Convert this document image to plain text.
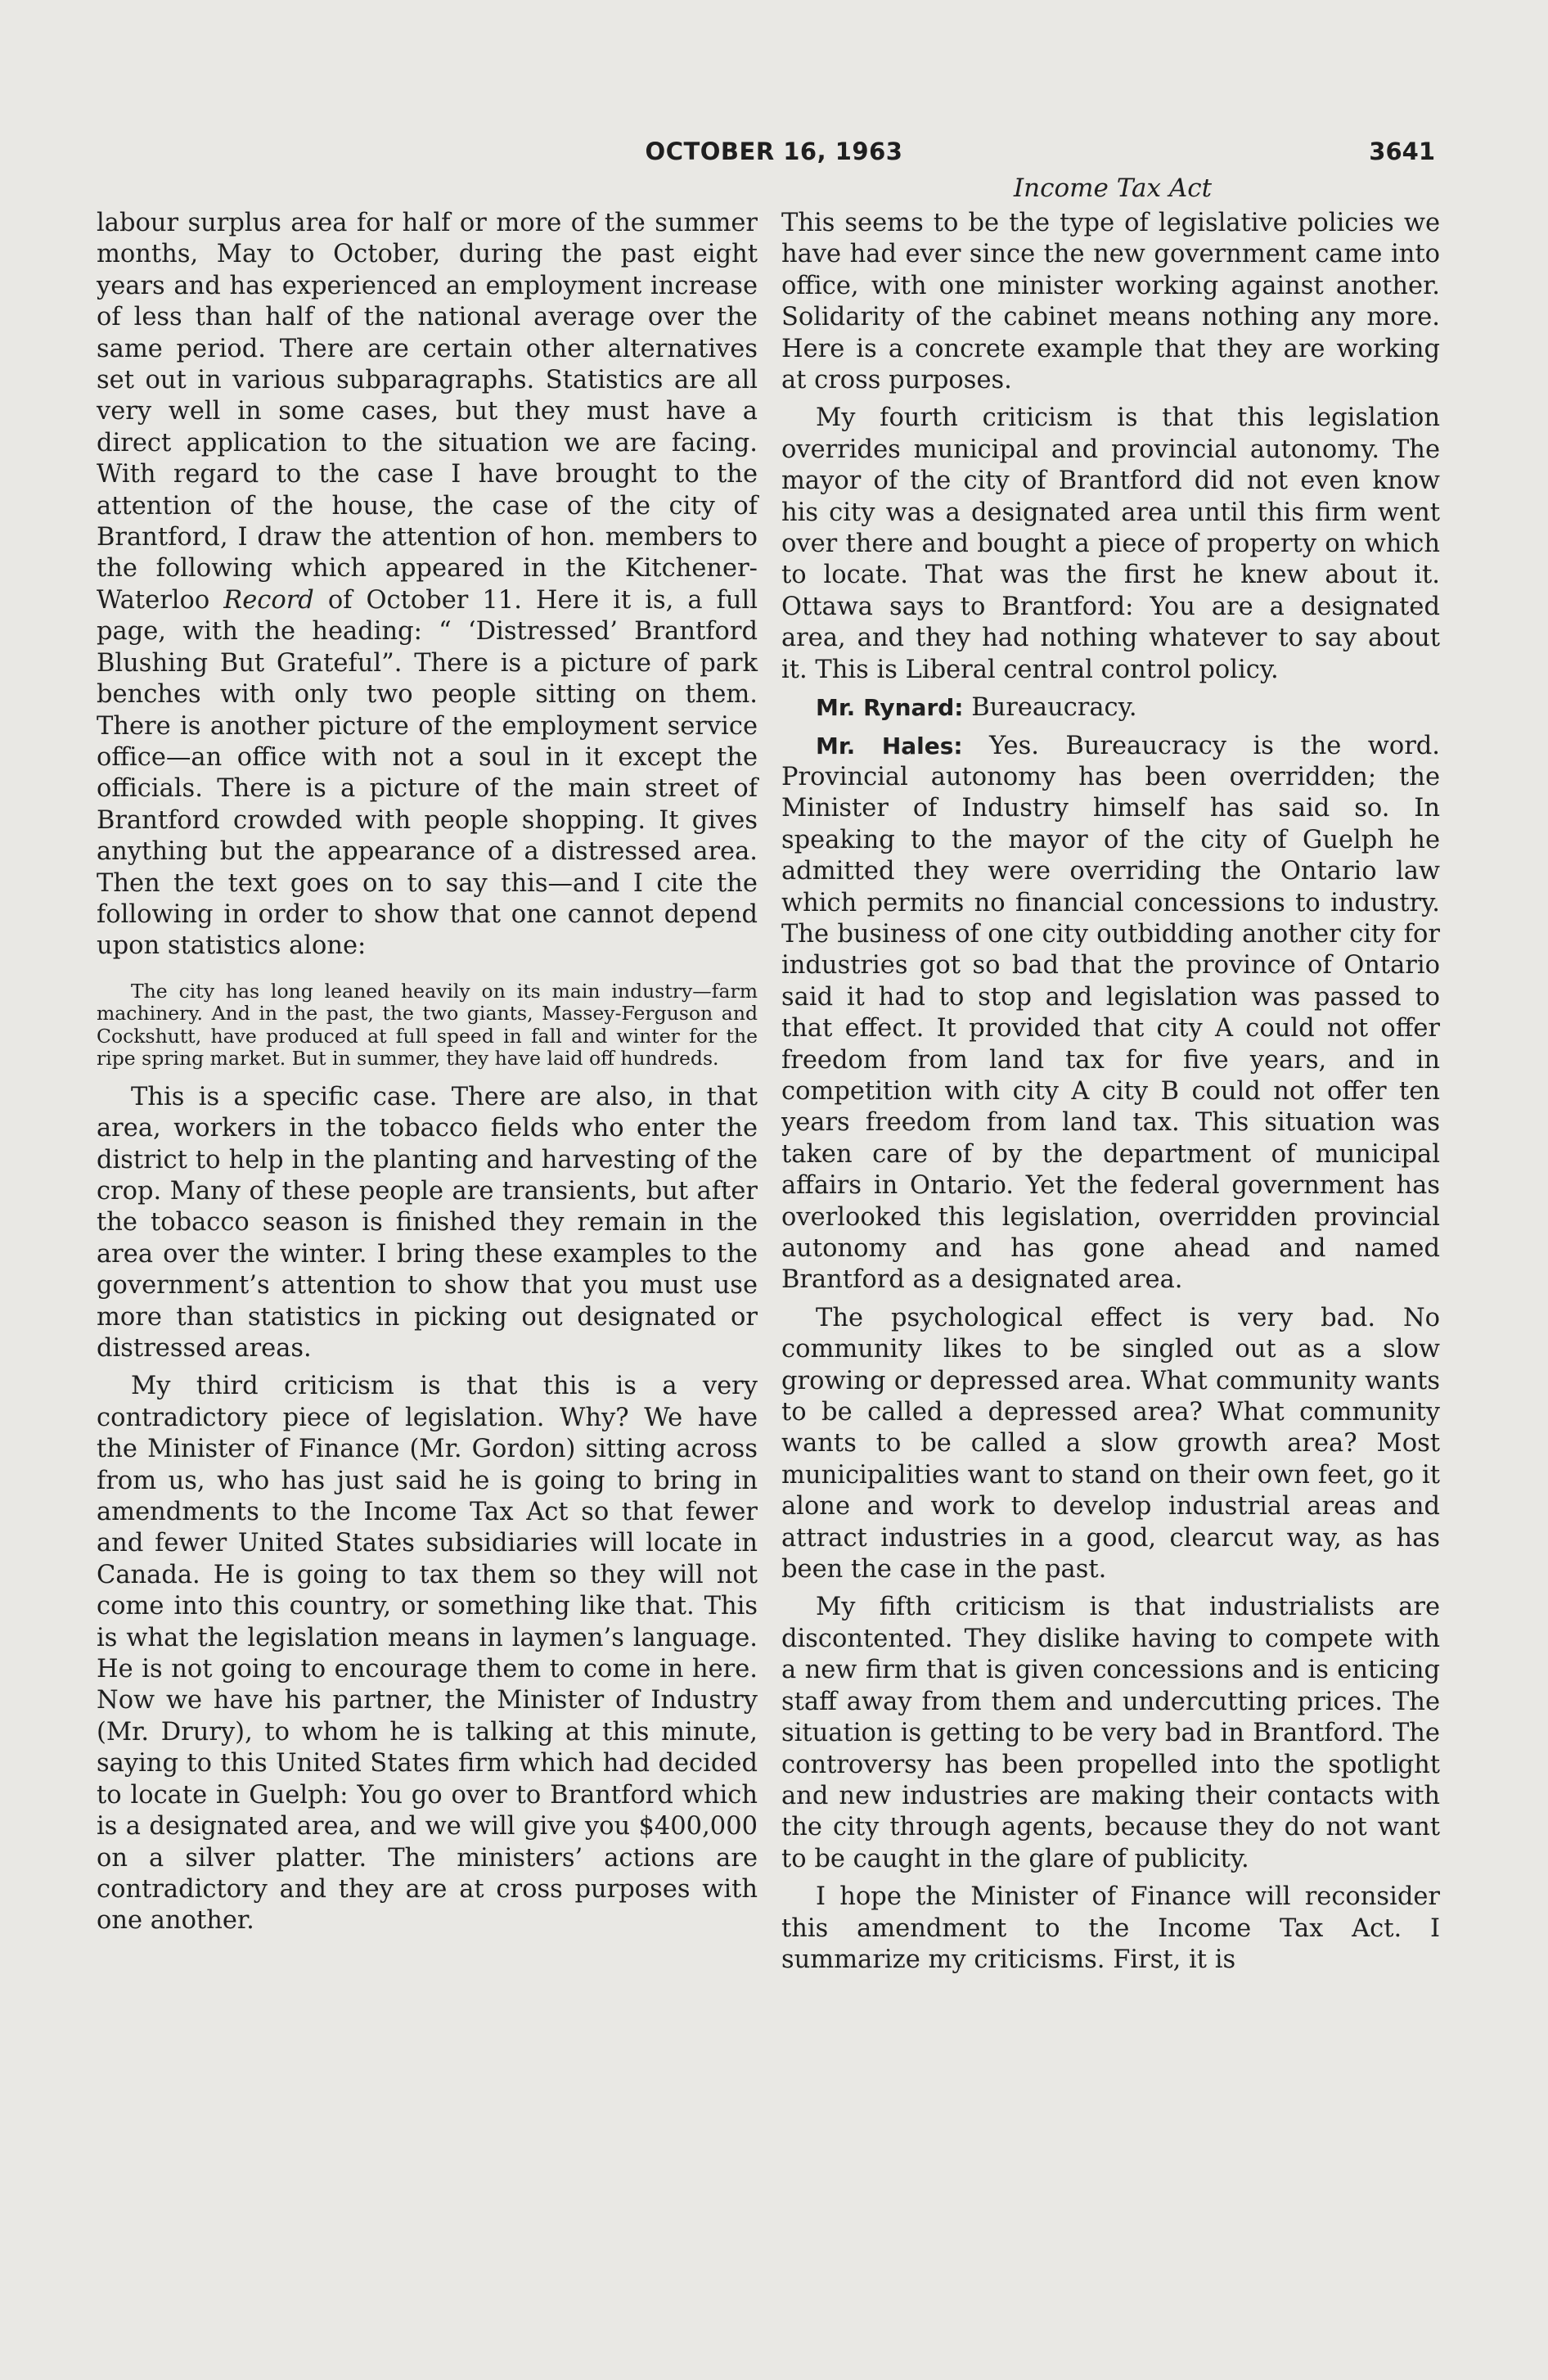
OCTOBER 16, 1963	3641
Income Tax Act

labour surplus area for half or more of the summer months, May to October, during the past eight years and has experienced an employment increase of less than half of the national average over the same period. There are certain other alternatives set out in various subparagraphs. Statistics are all very well in some cases, but they must have a direct application to the situation we are facing. With regard to the case I have brought to the attention of the house, the case of the city of Brantford, I draw the attention of hon. members to the following which appeared in the Kitchener-Waterloo Record of October 11. Here it is, a full page, with the heading: “ ‘Distressed’ Brantford Blushing But Grateful”. There is a picture of park benches with only two people sitting on them. There is another picture of the employment service office—an office with not a soul in it except the officials. There is a picture of the main street of Brantford crowded with people shopping. It gives anything but the appearance of a distressed area. Then the text goes on to say this—and I cite the following in order to show that one cannot depend upon statistics alone:

The city has long leaned heavily on its main industry—farm machinery. And in the past, the two giants, Massey-Ferguson and Cockshutt, have produced at full speed in fall and winter for the ripe spring market. But in summer, they have laid off hundreds.

This is a specific case. There are also, in that area, workers in the tobacco fields who enter the district to help in the planting and harvesting of the crop. Many of these people are transients, but after the tobacco season is finished they remain in the area over the winter. I bring these examples to the government’s attention to show that you must use more than statistics in picking out designated or distressed areas.

My third criticism is that this is a very contradictory piece of legislation. Why? We have the Minister of Finance (Mr. Gordon) sitting across from us, who has just said he is going to bring in amendments to the Income Tax Act so that fewer and fewer United States subsidiaries will locate in Canada. He is going to tax them so they will not come into this country, or something like that. This is what the legislation means in laymen’s language. He is not going to encourage them to come in here. Now we have his partner, the Minister of Industry (Mr. Drury), to whom he is talking at this minute, saying to this United States firm which had decided to locate in Guelph: You go over to Brantford which is a designated area, and we will give you $400,000 on a silver platter. The ministers’ actions are contradictory and they are at cross purposes with one another.

This seems to be the type of legislative policies we have had ever since the new government came into office, with one minister working against another. Solidarity of the cabinet means nothing any more. Here is a concrete example that they are working at cross purposes.

My fourth criticism is that this legislation overrides municipal and provincial autonomy. The mayor of the city of Brantford did not even know his city was a designated area until this firm went over there and bought a piece of property on which to locate. That was the first he knew about it. Ottawa says to Brantford: You are a designated area, and they had nothing whatever to say about it. This is Liberal central control policy.

Mr. Rynard: Bureaucracy.

Mr. Hales: Yes. Bureaucracy is the word. Provincial autonomy has been overridden; the Minister of Industry himself has said so. In speaking to the mayor of the city of Guelph he admitted they were overriding the Ontario law which permits no financial concessions to industry. The business of one city outbidding another city for industries got so bad that the province of Ontario said it had to stop and legislation was passed to that effect. It provided that city A could not offer freedom from land tax for five years, and in competition with city A city B could not offer ten years freedom from land tax. This situation was taken care of by the department of municipal affairs in Ontario. Yet the federal government has overlooked this legislation, overridden provincial autonomy and has gone ahead and named Brantford as a designated area.

The psychological effect is very bad. No community likes to be singled out as a slow growing or depressed area. What community wants to be called a depressed area? What community wants to be called a slow growth area? Most municipalities want to stand on their own feet, go it alone and work to develop industrial areas and attract industries in a good, clearcut way, as has been the case in the past.

My fifth criticism is that industrialists are discontented. They dislike having to compete with a new firm that is given concessions and is enticing staff away from them and undercutting prices. The situation is getting to be very bad in Brantford. The controversy has been propelled into the spotlight and new industries are making their contacts with the city through agents, because they do not want to be caught in the glare of publicity.

I hope the Minister of Finance will reconsider this amendment to the Income Tax Act. I summarize my criticisms. First, it is
